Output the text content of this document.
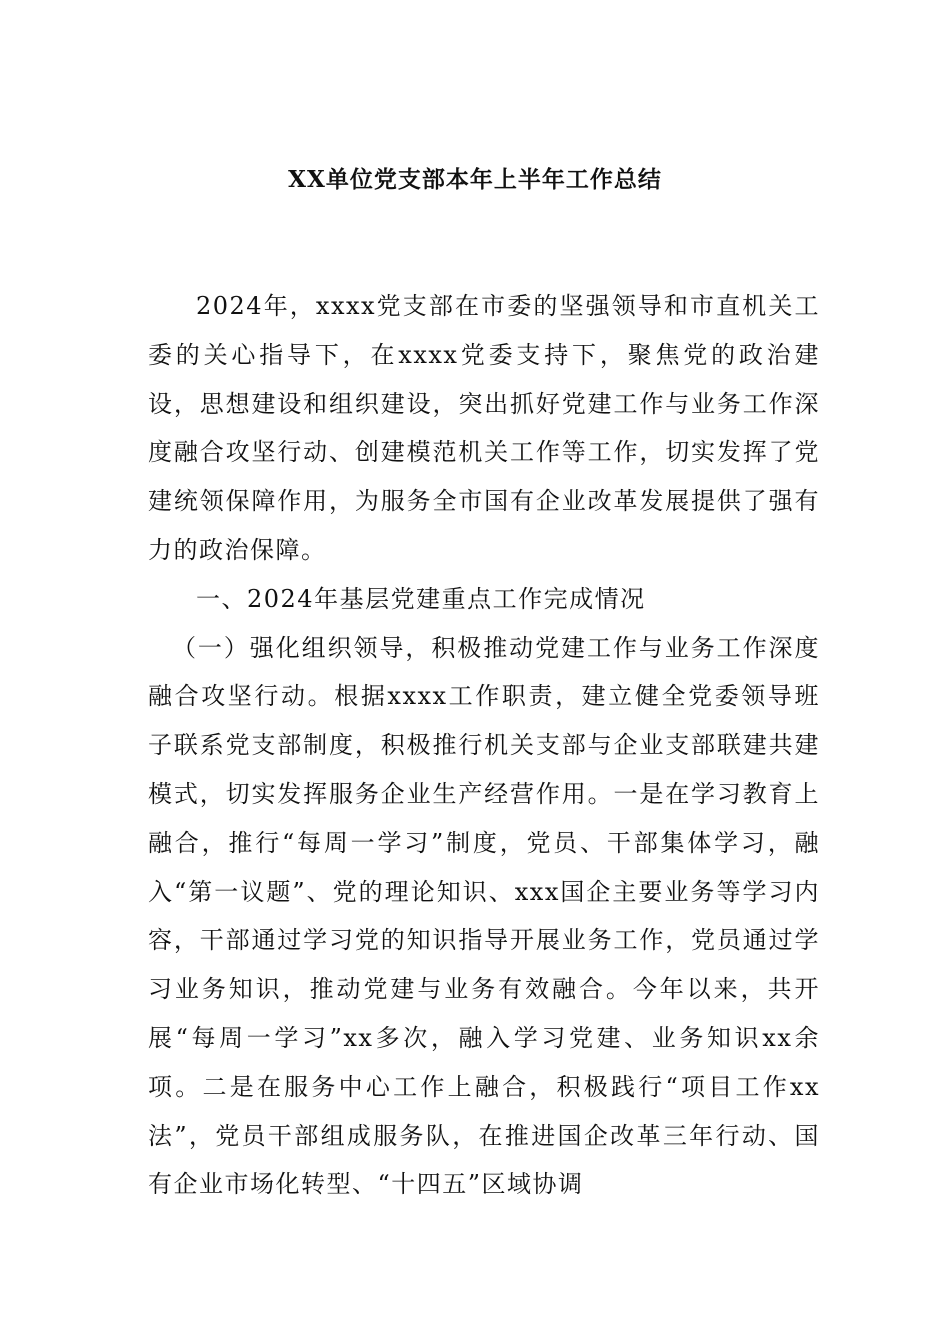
XX单位党支部本年上半年工作总结

2024年，xxxx党支部在市委的坚强领导和市直机关工委的关心指导下，在xxxx党委支持下，聚焦党的政治建设，思想建设和组织建设，突出抓好党建工作与业务工作深度融合攻坚行动、创建模范机关工作等工作，切实发挥了党建统领保障作用，为服务全市国有企业改革发展提供了强有力的政治保障。

一、2024年基层党建重点工作完成情况

（一）强化组织领导，积极推动党建工作与业务工作深度融合攻坚行动。根据xxxx工作职责，建立健全党委领导班子联系党支部制度，积极推行机关支部与企业支部联建共建模式，切实发挥服务企业生产经营作用。一是在学习教育上融合，推行“每周一学习”制度，党员、干部集体学习，融入“第一议题”、党的理论知识、xxx国企主要业务等学习内容，干部通过学习党的知识指导开展业务工作，党员通过学习业务知识，推动党建与业务有效融合。今年以来，共开展“每周一学习”xx多次，融入学习党建、业务知识xx余项。二是在服务中心工作上融合，积极践行“项目工作xx法”，党员干部组成服务队，在推进国企改革三年行动、国有企业市场化转型、“十四五”区域协调
